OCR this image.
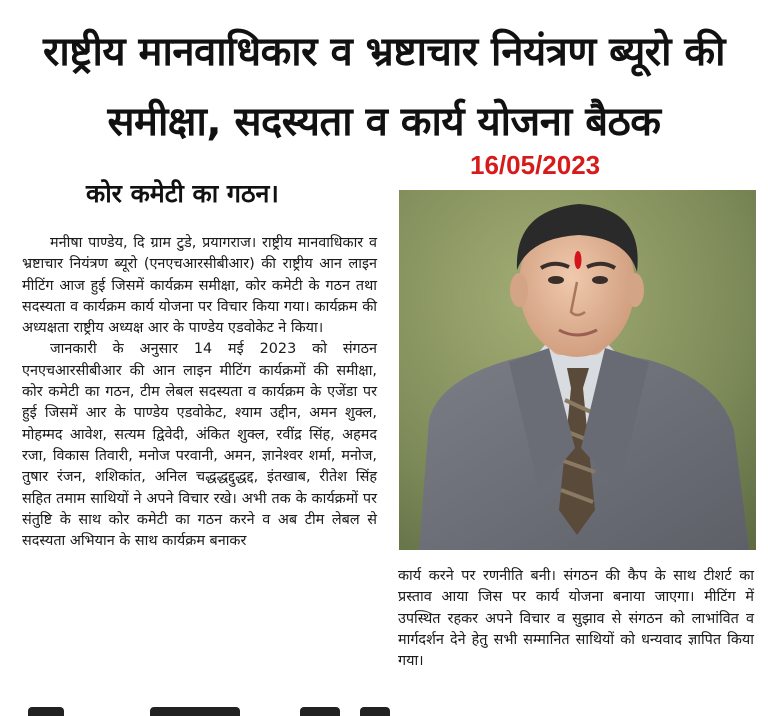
राष्ट्रीय मानवाधिकार व भ्रष्टाचार नियंत्रण ब्यूरो की
समीक्षा, सदस्यता व कार्य योजना बैठक
16/05/2023
कोर कमेटी का गठन।

मनीषा पाण्डेय, दि ग्राम टुडे, प्रयागराज। राष्ट्रीय मानवाधिकार व भ्रष्टाचार नियंत्रण ब्यूरो (एनएचआरसीबीआर) की राष्ट्रीय आन लाइन मीटिंग आज हुई जिसमें कार्यक्रम समीक्षा, कोर कमेटी के गठन तथा सदस्यता व कार्यक्रम कार्य योजना पर विचार किया गया। कार्यक्रम की अध्यक्षता राष्ट्रीय अध्यक्ष आर के पाण्डेय एडवोकेट ने किया।

जानकारी के अनुसार 14 मई 2023 को संगठन एनएचआरसीबीआर की आन लाइन मीटिंग कार्यक्रमों की समीक्षा, कोर कमेटी का गठन, टीम लेबल सदस्यता व कार्यक्रम के एजेंडा पर हुई जिसमें आर के पाण्डेय एडवोकेट, श्याम उद्दीन, अमन शुक्ल, मोहम्मद आवेश, सत्यम द्विवेदी, अंकित शुक्ल, रवींद्र सिंह, अहमद रजा, विकास तिवारी, मनोज परवानी, अमन, ज्ञानेश्वर शर्मा, मनोज, तुषार रंजन, शशिकांत, अनिल चद्धद्धद्दुद्धद्द, इंतखाब, रीतेश सिंह सहित तमाम साथियों ने अपने विचार रखे। अभी तक के कार्यक्रमों पर संतुष्टि के साथ कोर कमेटी का गठन करने व अब टीम लेबल से सदस्यता अभियान के साथ कार्यक्रम बनाकर

कार्य करने पर रणनीति बनी। संगठन की कैप के साथ टीशर्ट का प्रस्ताव आया जिस पर कार्य योजना बनाया जाएगा। मीटिंग में उपस्थित रहकर अपने विचार व सुझाव से संगठन को लाभांवित व मार्गदर्शन देने हेतु सभी सम्मानित साथियों को धन्यवाद ज्ञापित किया गया।
